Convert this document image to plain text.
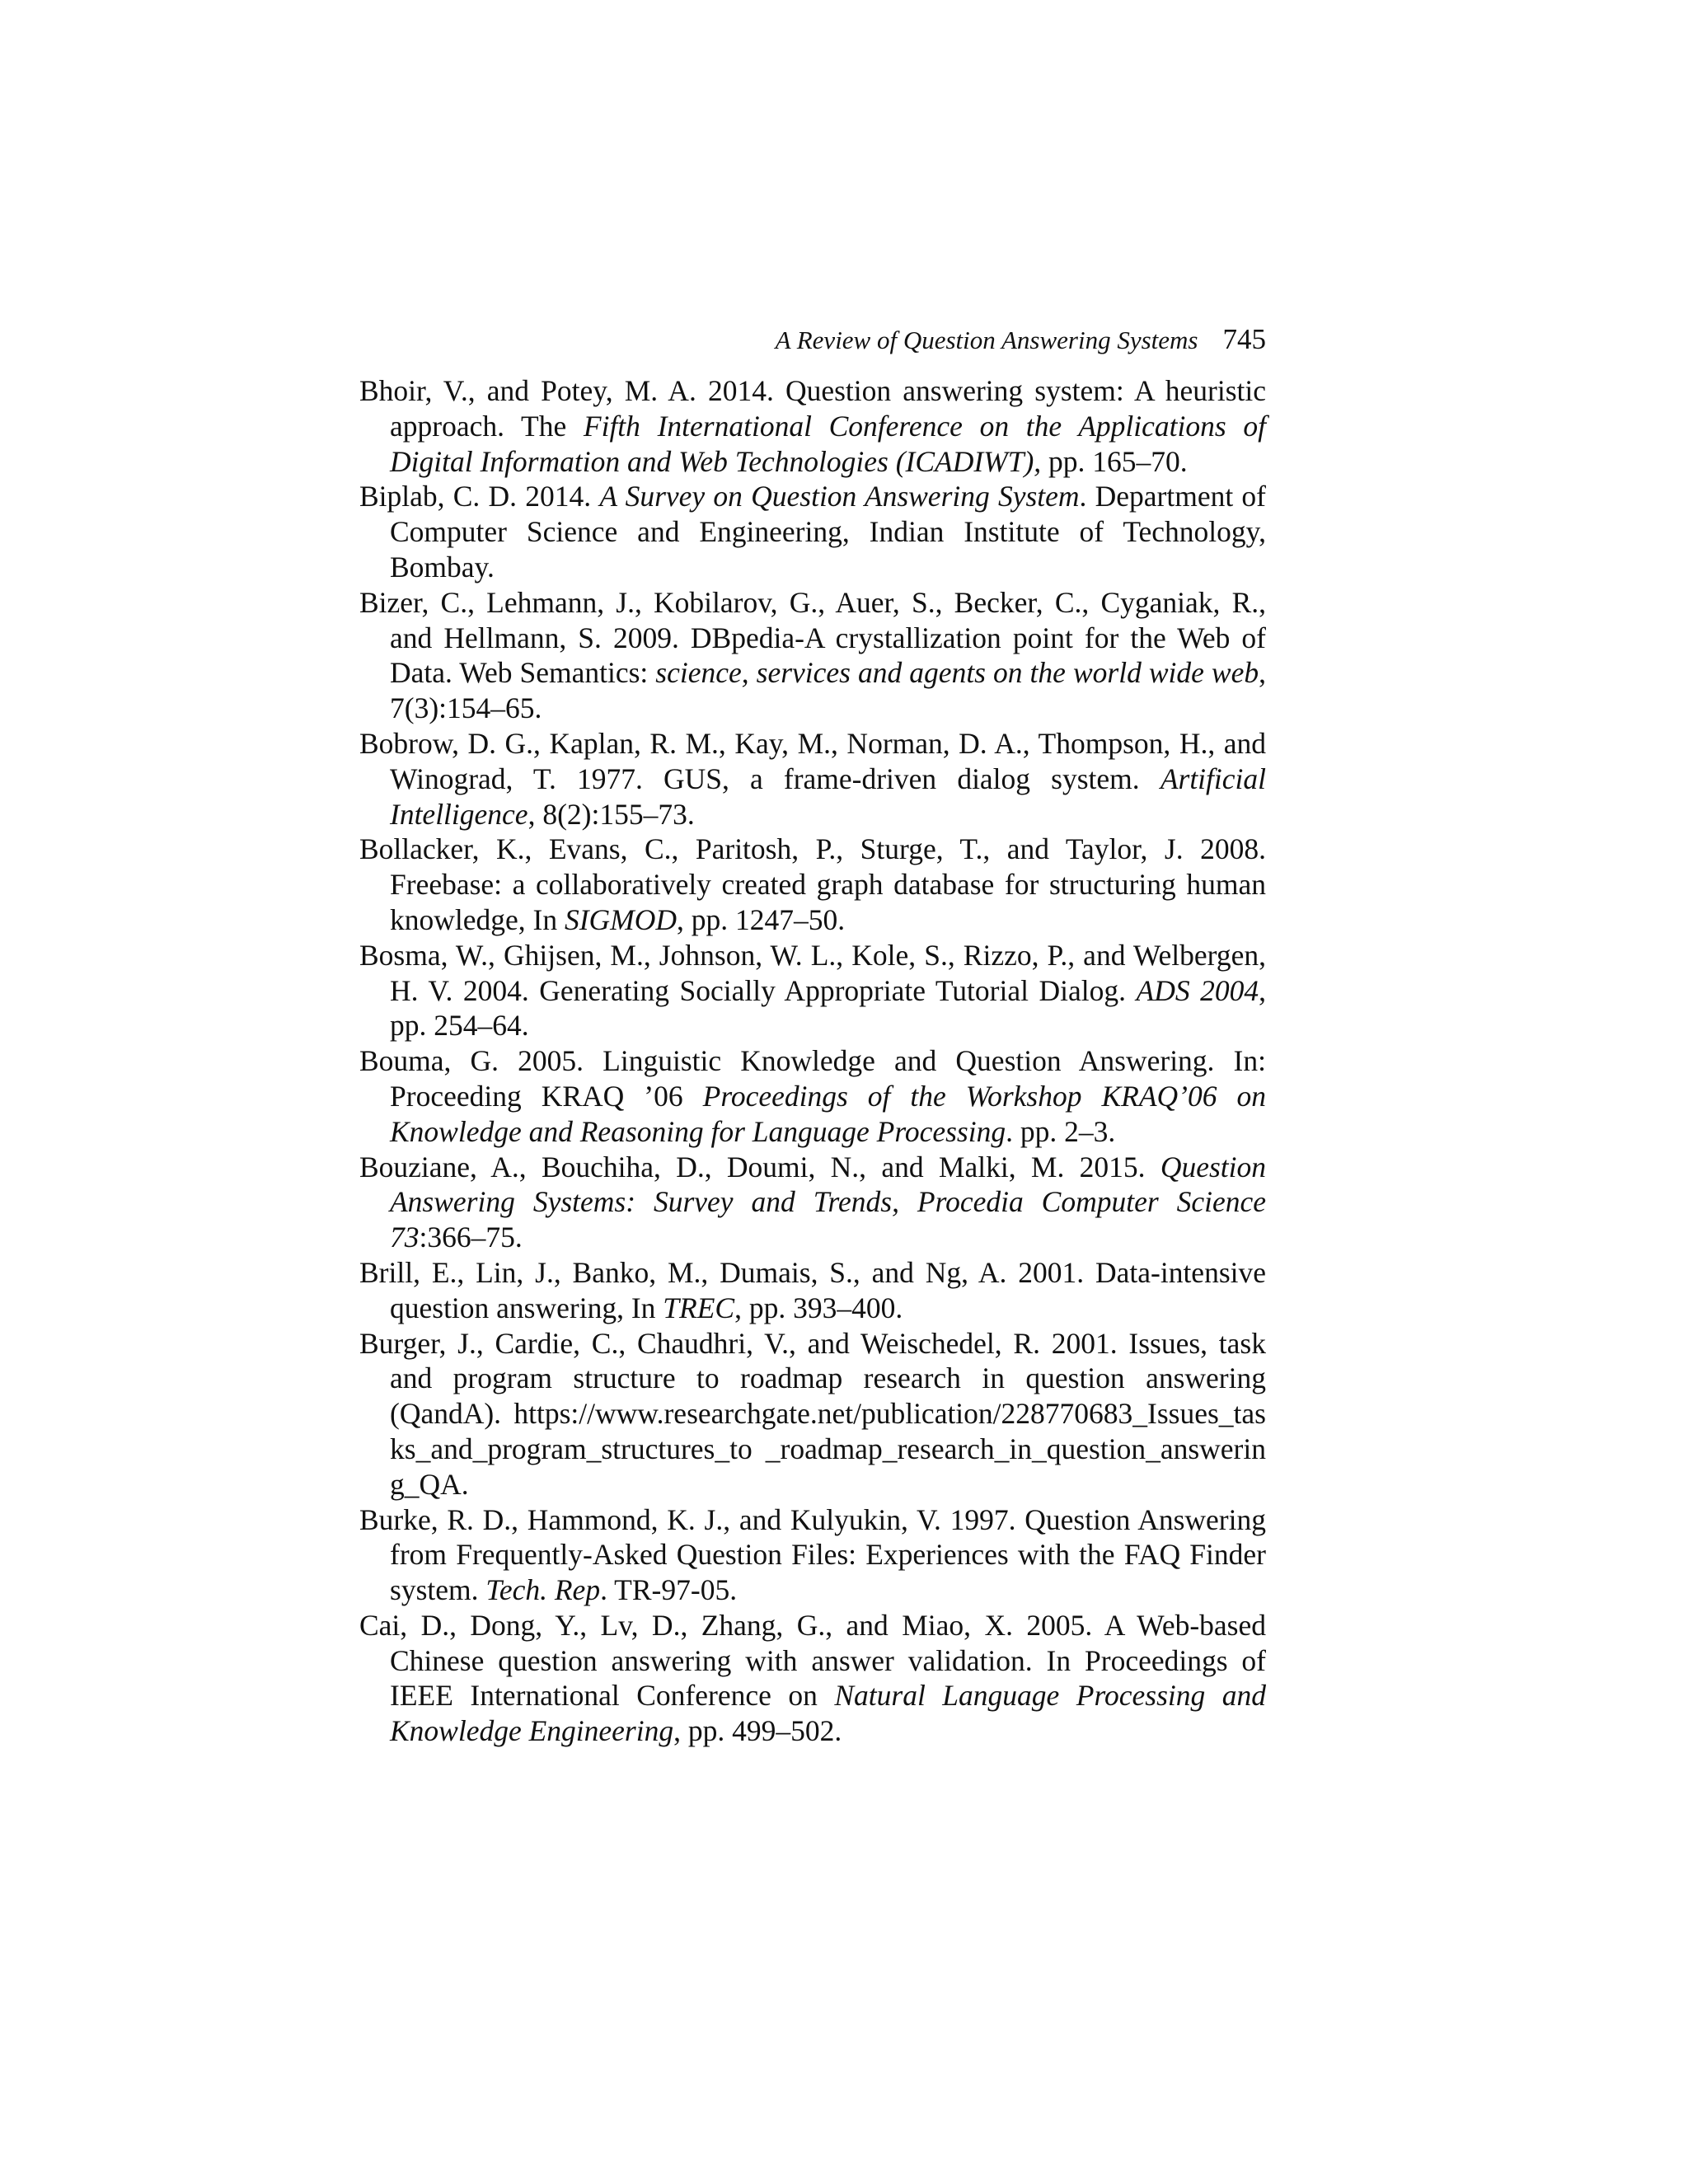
A Review of Question Answering Systems 745
Bhoir, V., and Potey, M. A. 2014. Question answering system: A heuristic approach. The Fifth International Conference on the Applications of Digital Information and Web Technologies (ICADIWT), pp. 165–70.
Biplab, C. D. 2014. A Survey on Question Answering System. Department of Computer Science and Engineering, Indian Institute of Technology, Bombay.
Bizer, C., Lehmann, J., Kobilarov, G., Auer, S., Becker, C., Cyganiak, R., and Hellmann, S. 2009. DBpedia-A crystallization point for the Web of Data. Web Semantics: science, services and agents on the world wide web, 7(3):154–65.
Bobrow, D. G., Kaplan, R. M., Kay, M., Norman, D. A., Thompson, H., and Winograd, T. 1977. GUS, a frame-driven dialog system. Artificial Intelligence, 8(2):155–73.
Bollacker, K., Evans, C., Paritosh, P., Sturge, T., and Taylor, J. 2008. Freebase: a collaboratively created graph database for structuring human knowledge, In SIGMOD, pp. 1247–50.
Bosma, W., Ghijsen, M., Johnson, W. L., Kole, S., Rizzo, P., and Welbergen, H. V. 2004. Generating Socially Appropriate Tutorial Dialog. ADS 2004, pp. 254–64.
Bouma, G. 2005. Linguistic Knowledge and Question Answering. In: Proceeding KRAQ ’06 Proceedings of the Workshop KRAQ’06 on Knowledge and Reasoning for Language Processing. pp. 2–3.
Bouziane, A., Bouchiha, D., Doumi, N., and Malki, M. 2015. Question Answering Systems: Survey and Trends, Procedia Computer Science 73:366–75.
Brill, E., Lin, J., Banko, M., Dumais, S., and Ng, A. 2001. Data-intensive question answering, In TREC, pp. 393–400.
Burger, J., Cardie, C., Chaudhri, V., and Weischedel, R. 2001. Issues, task and program structure to roadmap research in question answering (QandA). https://www.researchgate.net/publication/228770683_Issues_tasks_and_program_structures_to _roadmap_research_in_question_answering_QA.
Burke, R. D., Hammond, K. J., and Kulyukin, V. 1997. Question Answering from Frequently-Asked Question Files: Experiences with the FAQ Finder system. Tech. Rep. TR-97-05.
Cai, D., Dong, Y., Lv, D., Zhang, G., and Miao, X. 2005. A Web-based Chinese question answering with answer validation. In Proceedings of IEEE International Conference on Natural Language Processing and Knowledge Engineering, pp. 499–502.
